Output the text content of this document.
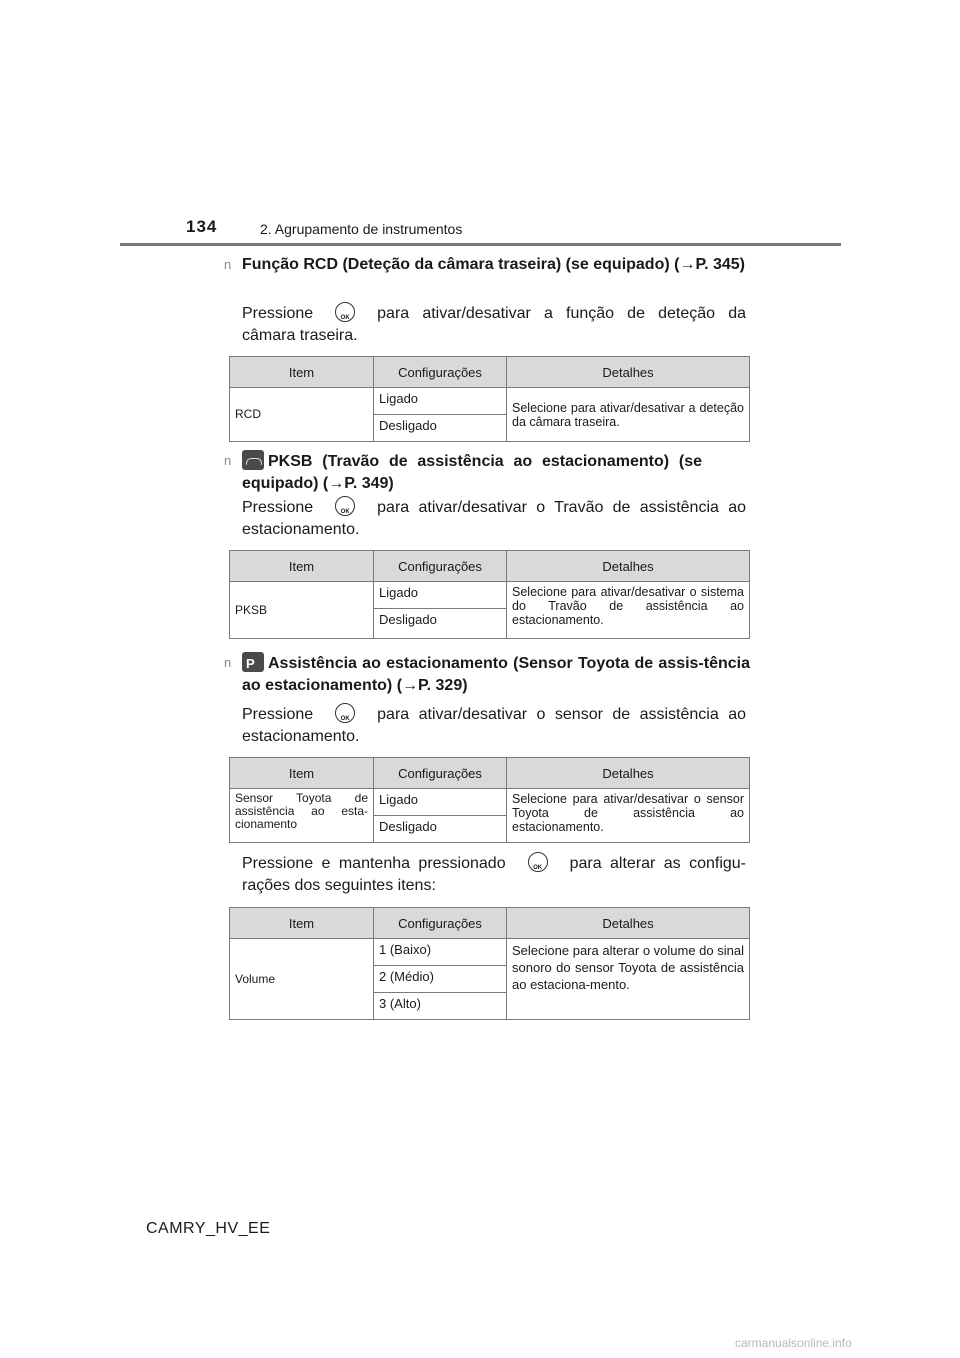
134	2. Agrupamento de instrumentos
n Função RCD (Deteção da câmara traseira) (se equipado) (→P. 345)
Pressione OK	para ativar/desativar a função de deteção da câmara traseira.
Item	Configurações	Detalhes
RCD	Ligado	Selecione para ativar/desativar a deteção da câmara traseira.
	Desligado	
n	PKSB (Travão de assistência ao estacionamento) (se equipado) (→P. 349)
Pressione OK	para ativar/desativar o Travão de assistência ao estacionamento.
Item	Configurações	Detalhes
PKSB	Ligado	Selecione para ativar/desativar o sistema do Travão de assistência ao estacionamento.
	Desligado	
n P	Assistência ao estacionamento (Sensor Toyota de assis-tência ao estacionamento) (→P. 329)
Pressione OK	para ativar/desativar o sensor de assistência ao estacionamento.
Item	Configurações	Detalhes
Sensor Toyota de assistência ao esta-cionamento	Ligado	Selecione para ativar/desativar o sensor Toyota de assistência ao estacionamento.
	Desligado	
Pressione e mantenha pressionado OK	para alterar as configu-rações dos seguintes itens:
Item	Configurações	Detalhes
Volume	1 (Baixo)	Selecione para alterar o volume do sinal sonoro do sensor Toyota de assistência ao estaciona-mento.
	2 (Médio)	
	3 (Alto)	
CAMRY_HV_EE
carmanualsonline.info
